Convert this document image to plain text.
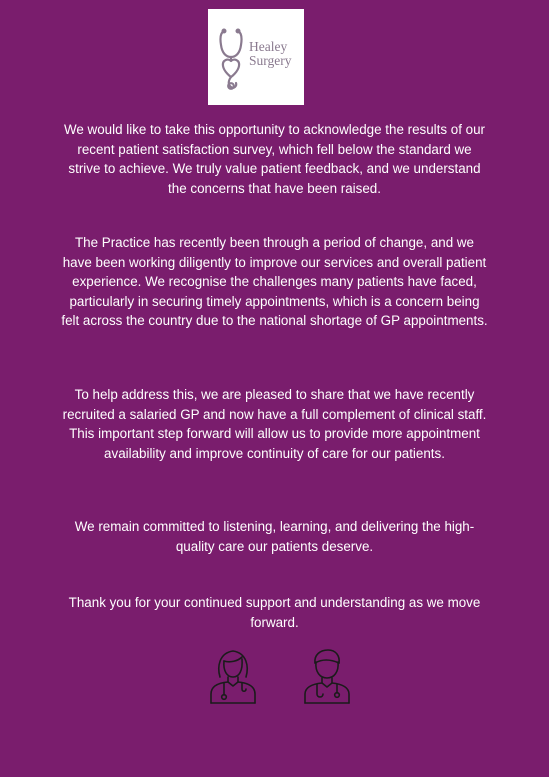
Healey
Surgery

We would like to take this opportunity to acknowledge the results of our recent patient satisfaction survey, which fell below the standard we strive to achieve. We truly value patient feedback, and we understand the concerns that have been raised.

The Practice has recently been through a period of change, and we have been working diligently to improve our services and overall patient experience. We recognise the challenges many patients have faced, particularly in securing timely appointments, which is a concern being felt across the country due to the national shortage of GP appointments.

To help address this, we are pleased to share that we have recently recruited a salaried GP and now have a full complement of clinical staff. This important step forward will allow us to provide more appointment availability and improve continuity of care for our patients.

We remain committed to listening, learning, and delivering the high-quality care our patients deserve.

Thank you for your continued support and understanding as we move forward.
